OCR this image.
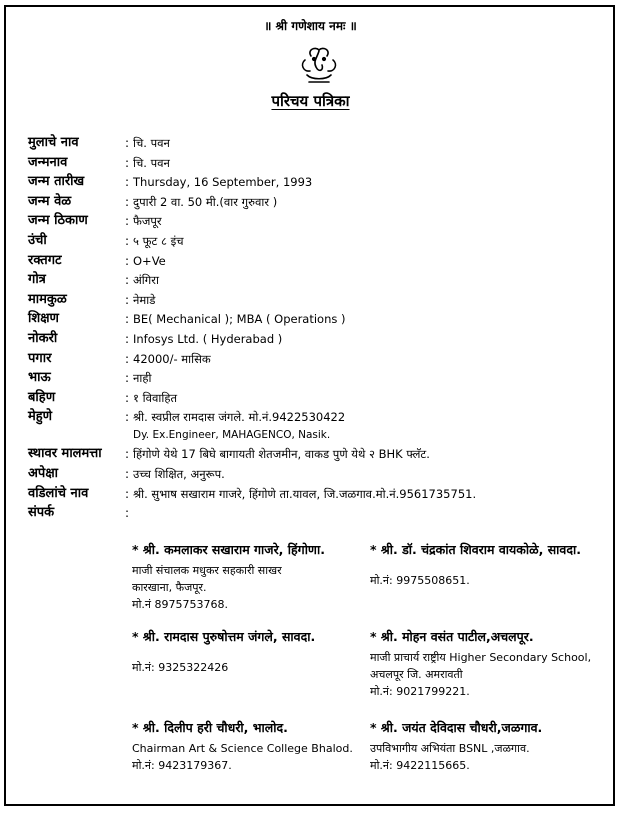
॥ श्री गणेशाय नमः ॥
परिचय पत्रिका
मुलाचे नाव	: चि. पवन
जन्मनाव	: चि. पवन
जन्म तारीख	: Thursday, 16 September, 1993
जन्म वेळ	: दुपारी 2 वा. 50 मी.(वार गुरुवार )
जन्म ठिकाण	: फैजपूर
उंची	: ५ फूट ८ इंच
रक्तगट	: O+Ve
गोत्र	: अंगिरा
मामकुळ	: नेमाडे
शिक्षण	: BE( Mechanical ); MBA ( Operations )
नोकरी	: Infosys Ltd. ( Hyderabad )
पगार	: 42000/- मासिक
भाऊ	: नाही
बहिण	: १ विवाहित
मेहुणे	: श्री. स्वप्रील रामदास जंगले. मो.नं.9422530422
Dy. Ex.Engineer, MAHAGENCO, Nasik.
स्थावर मालमत्ता	: हिंगोणे येथे 17 बिघे बागायती शेतजमीन, वाकड पुणे येथे २ BHK फ्लॅट.
अपेक्षा	: उच्च शिक्षित, अनुरूप.
वडिलांचे नाव	: श्री. सुभाष सखाराम गाजरे, हिंगोणे ता.यावल, जि.जळगाव.मो.नं.9561735751.
संपर्क	:
* श्री. कमलाकर सखाराम गाजरे, हिंगोणा.
माजी संचालक मधुकर सहकारी साखर
कारखाना, फैजपूर.
मो.नं 8975753768.
* श्री. डॉ. चंद्रकांत शिवराम वायकोळे, सावदा.
मो.नं: 9975508651.
* श्री. रामदास पुरुषोत्तम जंगले, सावदा.
मो.नं: 9325322426
* श्री. मोहन वसंत पाटील,अचलपूर.
माजी प्राचार्य राष्ट्रीय Higher Secondary School,
अचलपूर जि. अमरावती
मो.नं: 9021799221.
* श्री. दिलीप हरी चौधरी, भालोद.
Chairman Art & Science College Bhalod.
मो.नं: 9423179367.
* श्री. जयंत देविदास चौधरी,जळगाव.
उपविभागीय अभियंता BSNL ,जळगाव.
मो.नं: 9422115665.
